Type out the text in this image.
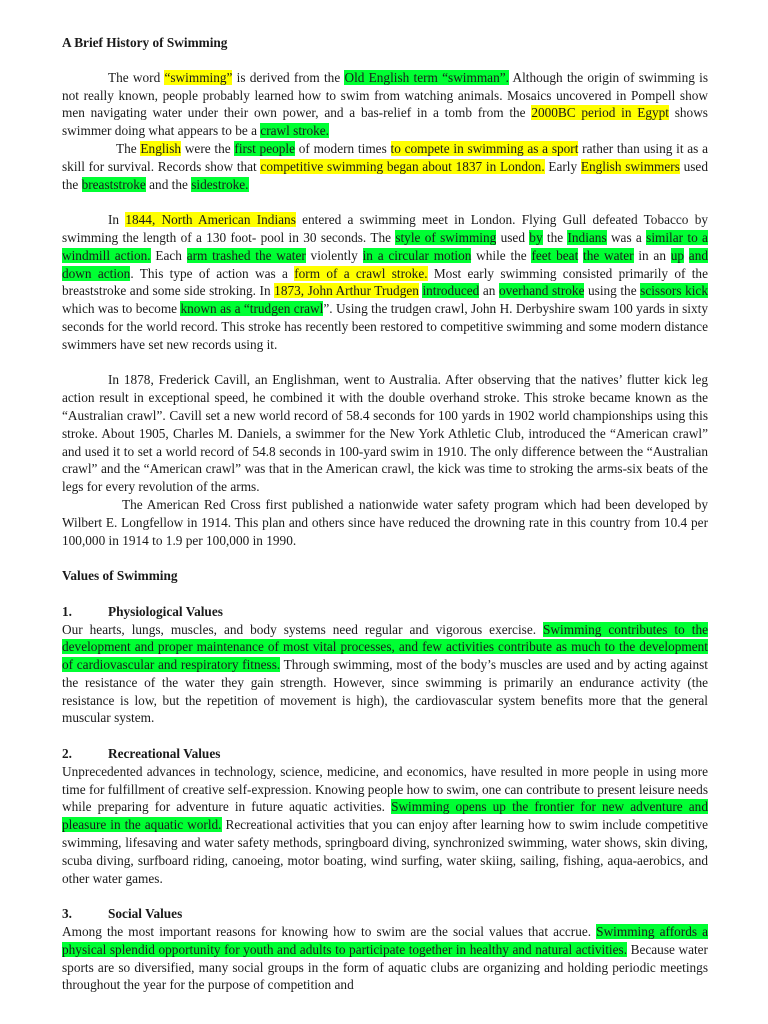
A Brief History of Swimming

The word “swimming” is derived from the Old English term “swimman”. Although the origin of swimming is not really known, people probably learned how to swim from watching animals. Mosaics uncovered in Pompell show men navigating water under their own power, and a bas-relief in a tomb from the 2000BC period in Egypt shows swimmer doing what appears to be a crawl stroke.

The English were the first people of modern times to compete in swimming as a sport rather than using it as a skill for survival. Records show that competitive swimming began about 1837 in London. Early English swimmers used the breaststroke and the sidestroke.

In 1844, North American Indians entered a swimming meet in London. Flying Gull defeated Tobacco by swimming the length of a 130 foot- pool in 30 seconds. The style of swimming used by the Indians was a similar to a windmill action. Each arm trashed the water violently in a circular motion while the feet beat the water in an up and down action. This type of action was a form of a crawl stroke. Most early swimming consisted primarily of the breaststroke and some side stroking. In 1873, John Arthur Trudgen introduced an overhand stroke using the scissors kick which was to become known as a “trudgen crawl”. Using the trudgen crawl, John H. Derbyshire swam 100 yards in sixty seconds for the world record. This stroke has recently been restored to competitive swimming and some modern distance swimmers have set new records using it.

In 1878, Frederick Cavill, an Englishman, went to Australia. After observing that the natives’ flutter kick leg action result in exceptional speed, he combined it with the double overhand stroke. This stroke became known as the “Australian crawl”. Cavill set a new world record of 58.4 seconds for 100 yards in 1902 world championships using this stroke. About 1905, Charles M. Daniels, a swimmer for the New York Athletic Club, introduced the “American crawl” and used it to set a world record of 54.8 seconds in 100-yard swim in 1910. The only difference between the “Australian crawl” and the “American crawl” was that in the American crawl, the kick was time to stroking the arms-six beats of the legs for every revolution of the arms.

The American Red Cross first published a nationwide water safety program which had been developed by Wilbert E. Longfellow in 1914. This plan and others since have reduced the drowning rate in this country from 10.4 per 100,000 in 1914 to 1.9 per 100,000 in 1990.

Values of Swimming
1.	Physiological Values

Our hearts, lungs, muscles, and body systems need regular and vigorous exercise. Swimming contributes to the development and proper maintenance of most vital processes, and few activities contribute as much to the development of cardiovascular and respiratory fitness. Through swimming, most of the body’s muscles are used and by acting against the resistance of the water they gain strength. However, since swimming is primarily an endurance activity (the resistance is low, but the repetition of movement is high), the cardiovascular system benefits more that the general muscular system.

2.	Recreational Values

Unprecedented advances in technology, science, medicine, and economics, have resulted in more people in using more time for fulfillment of creative self-expression. Knowing people how to swim, one can contribute to present leisure needs while preparing for adventure in future aquatic activities. Swimming opens up the frontier for new adventure and pleasure in the aquatic world. Recreational activities that you can enjoy after learning how to swim include competitive swimming, lifesaving and water safety methods, springboard diving, synchronized swimming, water shows, skin diving, scuba diving, surfboard riding, canoeing, motor boating, wind surfing, water skiing, sailing, fishing, aqua-aerobics, and other water games.

3.	Social Values

Among the most important reasons for knowing how to swim are the social values that accrue. Swimming affords a physical splendid opportunity for youth and adults to participate together in healthy and natural activities. Because water sports are so diversified, many social groups in the form of aquatic clubs are organizing and holding periodic meetings throughout the year for the purpose of competition and
